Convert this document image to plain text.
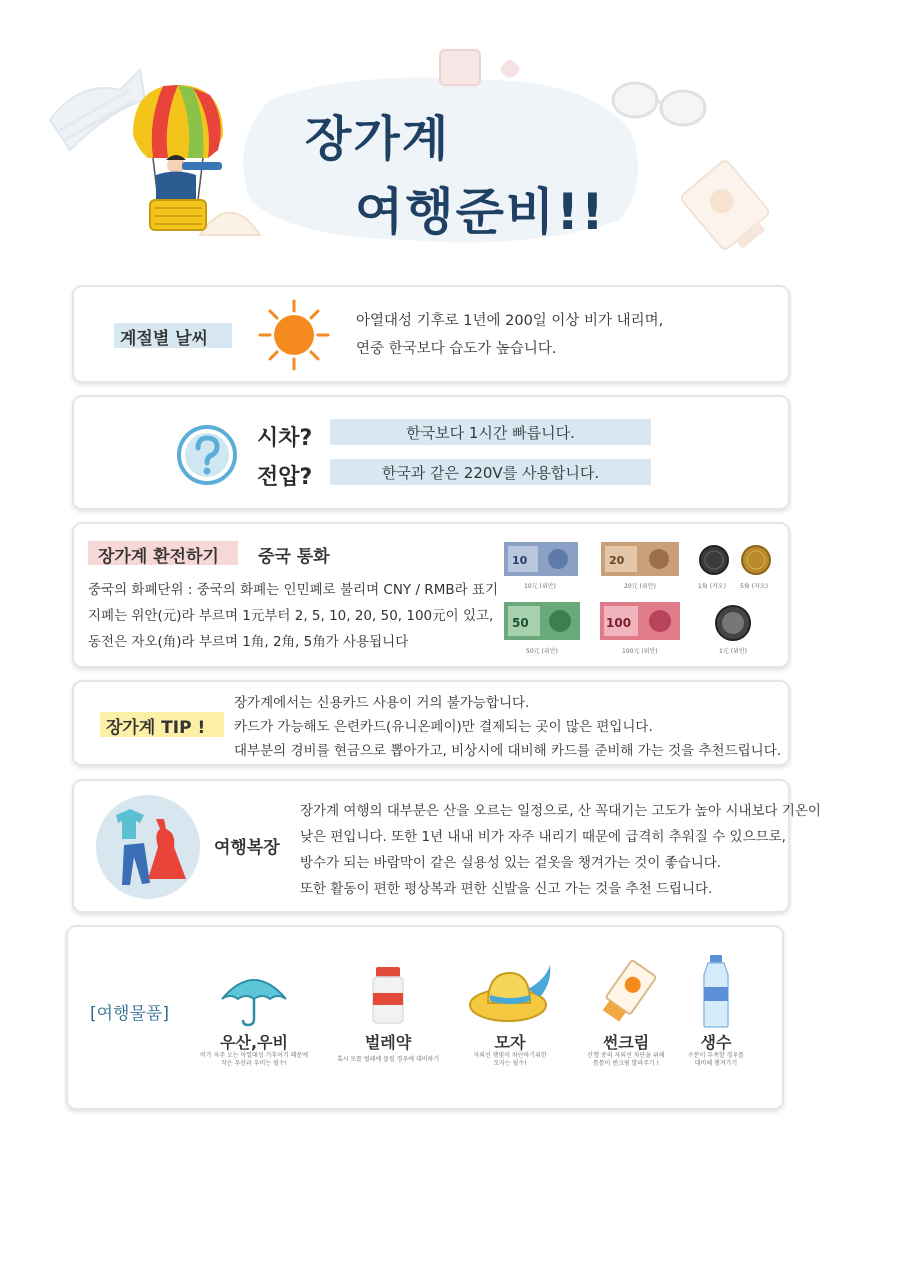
장가계
여행준비!!
계절별 날씨
아열대성 기후로 1년에 200일 이상 비가 내리며,
연중 한국보다 습도가 높습니다.
시차?
전압?
한국보다 1시간 빠릅니다.
한국과 같은 220V를 사용합니다.
장가계 환전하기 중국 통화
중국의 화폐단위 : 중국의 화폐는 인민폐로 불리며 CNY / RMB라 표기
지폐는 위안(元)라 부르며 1元부터 2, 5, 10, 20, 50, 100元이 있고,
동전은 자오(角)라 부르며 1角, 2角, 5角가 사용됩니다
10
10元 (위안)
20
20元 (위안)
50
50元 (위안)
100
100元 (위안)
1角 (자오) 5角 (자오)
1元 (위안)
장가계 TIP !
장가계에서는 신용카드 사용이 거의 불가능합니다.
카드가 가능해도 은련카드(유니온페이)만 결제되는 곳이 많은 편입니다.
대부분의 경비를 현금으로 뽑아가고, 비상시에 대비해 카드를 준비해 가는 것을 추천드립니다.
여행복장
장가계 여행의 대부분은 산을 오르는 일정으로, 산 꼭대기는 고도가 높아 시내보다 기온이
낮은 편입니다. 또한 1년 내내 비가 자주 내리기 때문에 급격히 추워질 수 있으므로,
방수가 되는 바람막이 같은 실용성 있는 겉옷을 챙겨가는 것이 좋습니다.
또한 활동이 편한 평상복과 편한 신발을 신고 가는 것을 추천 드립니다.
[여행물품]
우산,우비
비가 자주 오는 아열대성 기후이기 때문에
작은 우산과 우비는 필수!
벌레약
혹시 모를 벌레에 물릴 경우에 대비하기
모자
자외선 햇빛이 차단하기위한
모자는 필수!
썬크림
산행 중의 자외선 차단을 위해
틈틈이 썬크림 발라주기 !
생수
수분이 부족할 경우를
대비해 챙겨가기
